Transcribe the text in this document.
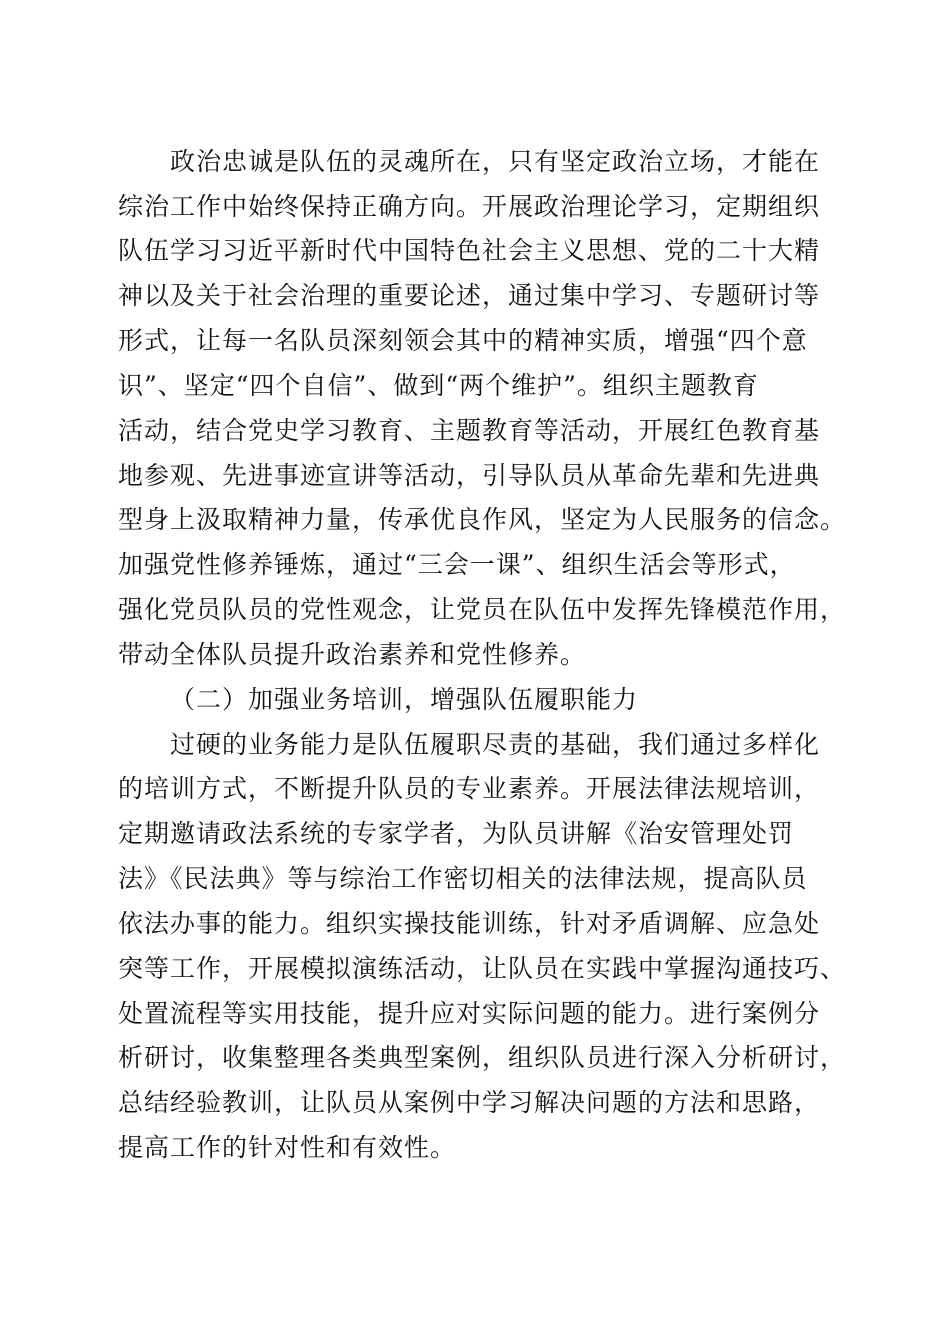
政治忠诚是队伍的灵魂所在，只有坚定政治立场，才能在
综治工作中始终保持正确方向。开展政治理论学习，定期组织
队伍学习习近平新时代中国特色社会主义思想、党的二十大精
神以及关于社会治理的重要论述，通过集中学习、专题研讨等
形式，让每一名队员深刻领会其中的精神实质，增强“四个意
识”、坚定“四个自信”、做到“两个维护”。组织主题教育
活动，结合党史学习教育、主题教育等活动，开展红色教育基
地参观、先进事迹宣讲等活动，引导队员从革命先辈和先进典
型身上汲取精神力量，传承优良作风，坚定为人民服务的信念。
加强党性修养锤炼，通过“三会一课”、组织生活会等形式，
强化党员队员的党性观念，让党员在队伍中发挥先锋模范作用，
带动全体队员提升政治素养和党性修养。
（二）加强业务培训，增强队伍履职能力
过硬的业务能力是队伍履职尽责的基础，我们通过多样化
的培训方式，不断提升队员的专业素养。开展法律法规培训，
定期邀请政法系统的专家学者，为队员讲解《治安管理处罚
法》《民法典》等与综治工作密切相关的法律法规，提高队员
依法办事的能力。组织实操技能训练，针对矛盾调解、应急处
突等工作，开展模拟演练活动，让队员在实践中掌握沟通技巧、
处置流程等实用技能，提升应对实际问题的能力。进行案例分
析研讨，收集整理各类典型案例，组织队员进行深入分析研讨，
总结经验教训，让队员从案例中学习解决问题的方法和思路，
提高工作的针对性和有效性。
